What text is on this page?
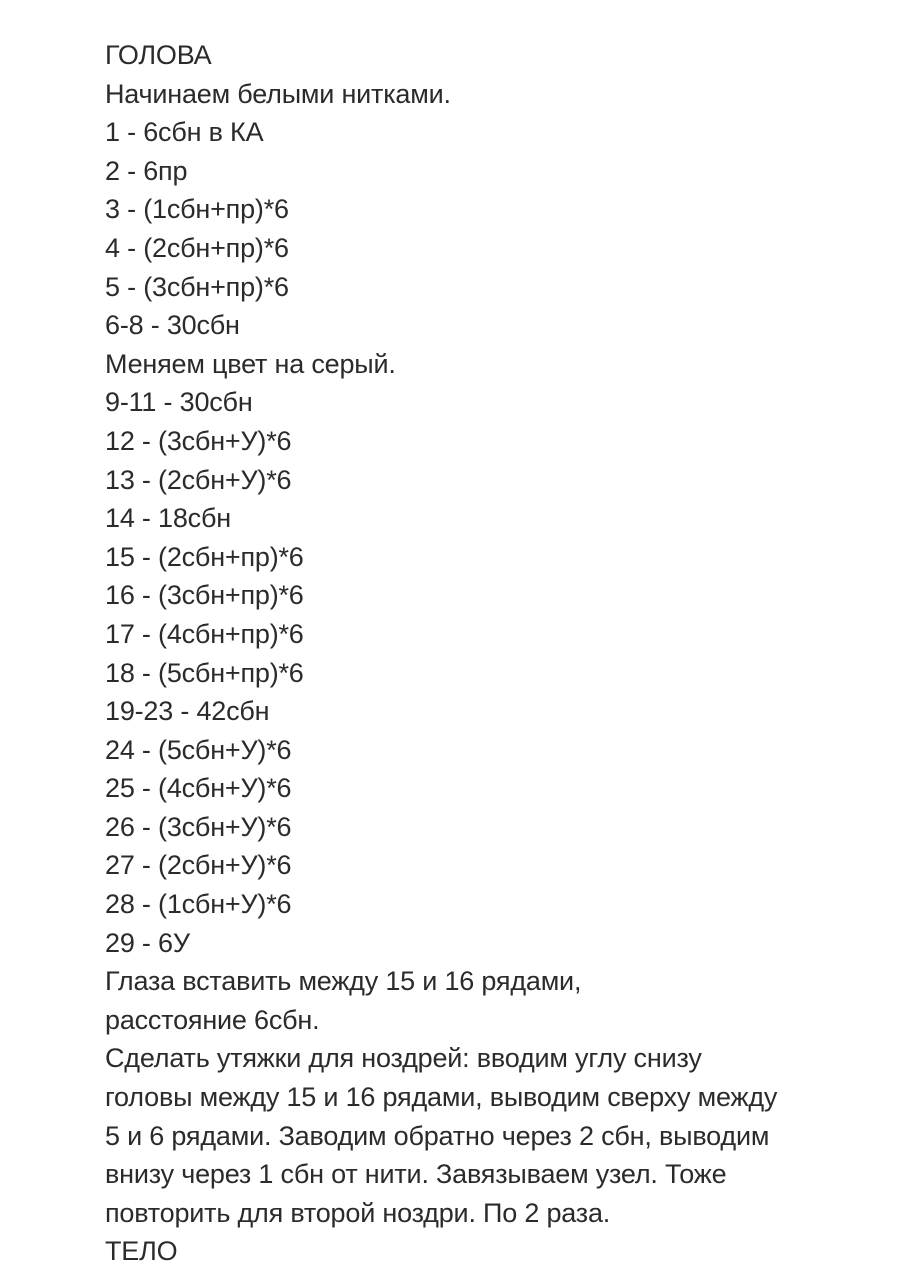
ГОЛОВА
Начинаем белыми нитками.
1 - 6сбн в КА
2 - 6пр
3 - (1сбн+пр)*6
4 - (2сбн+пр)*6
5 - (3сбн+пр)*6
6-8 - 30сбн
Меняем цвет на серый.
9-11 - 30сбн
12 - (3сбн+У)*6
13 - (2сбн+У)*6
14 - 18сбн
15 - (2сбн+пр)*6
16 - (3сбн+пр)*6
17 - (4сбн+пр)*6
18 - (5сбн+пр)*6
19-23 - 42сбн
24 - (5сбн+У)*6
25 - (4сбн+У)*6
26 - (3сбн+У)*6
27 - (2сбн+У)*6
28 - (1сбн+У)*6
29 - 6У
Глаза вставить между 15 и 16 рядами, расстояние 6сбн.
Сделать утяжки для ноздрей: вводим углу снизу головы между 15 и 16 рядами, выводим сверху между 5 и 6 рядами. Заводим обратно через 2 сбн, выводим внизу через 1 сбн от нити. Завязываем узел. Тоже повторить для второй ноздри. По 2 раза.
ТЕЛО
